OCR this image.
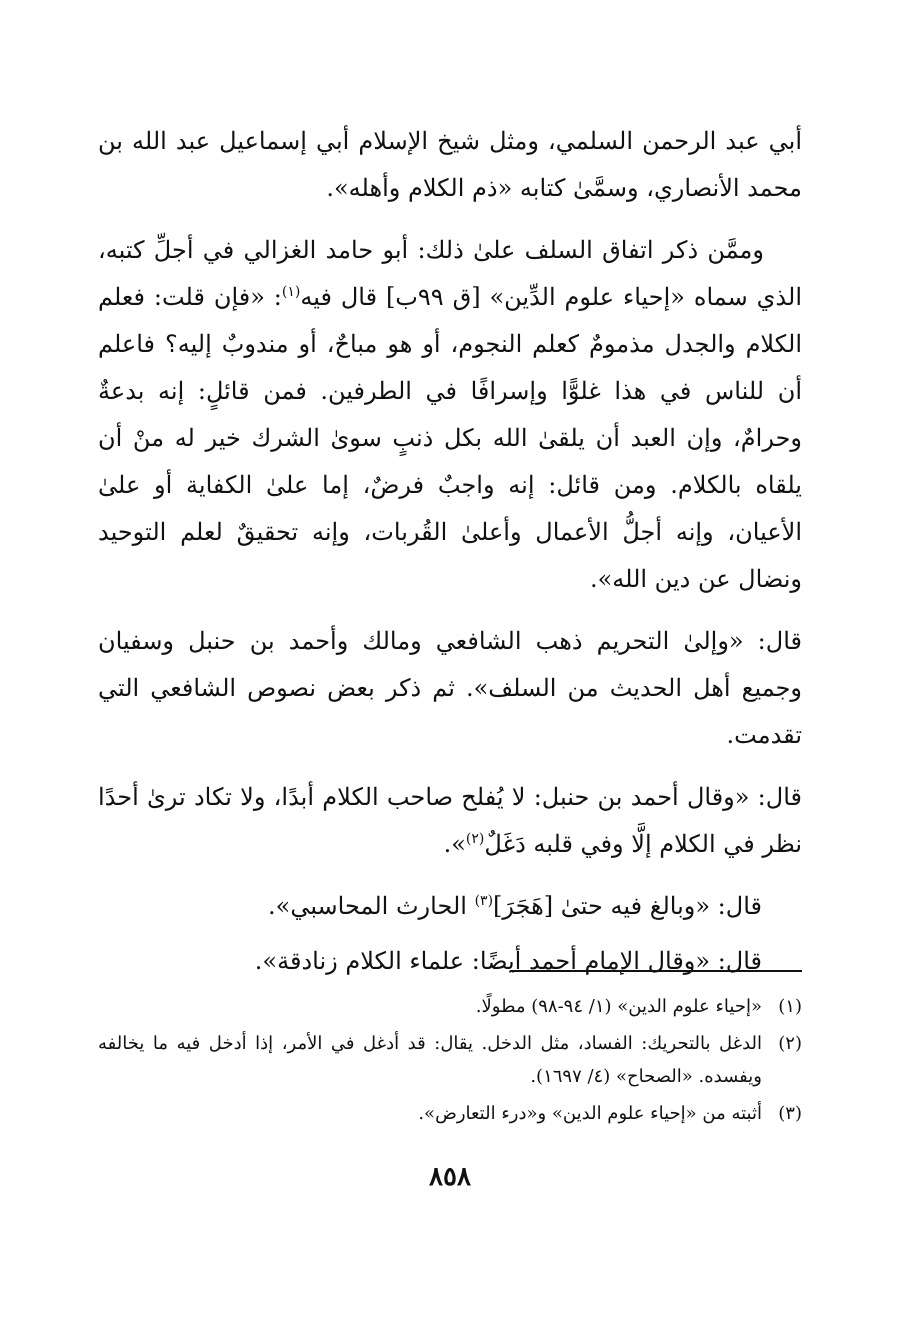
أبي عبد الرحمن السلمي، ومثل شيخ الإسلام أبي إسماعيل عبد الله بن محمد الأنصاري، وسمَّىٰ كتابه «ذم الكلام وأهله».

وممَّن ذكر اتفاق السلف علىٰ ذلك: أبو حامد الغزالي في أجلِّ كتبه، الذي سماه «إحياء علوم الدِّين» [ق ٩٩ب] قال فيه$^{(١)}$: «فإن قلت: فعلم الكلام والجدل مذمومٌ كعلم النجوم، أو هو مباحٌ، أو مندوبٌ إليه؟ فاعلم أن للناس في هذا غلوًّا وإسرافًا في الطرفين. فمن قائلٍ: إنه بدعةٌ وحرامٌ، وإن العبد أن يلقىٰ الله بكل ذنبٍ سوىٰ الشرك خير له منْ أن يلقاه بالكلام. ومن قائل: إنه واجبٌ فرضٌ، إما علىٰ الكفاية أو علىٰ الأعيان، وإنه أجلُّ الأعمال وأعلىٰ القُربات، وإنه تحقيقٌ لعلم التوحيد ونضال عن دين الله».

قال: «وإلىٰ التحريم ذهب الشافعي ومالك وأحمد بن حنبل وسفيان وجميع أهل الحديث من السلف». ثم ذكر بعض نصوص الشافعي التي تقدمت.

قال: «وقال أحمد بن حنبل: لا يُفلح صاحب الكلام أبدًا، ولا تكاد ترىٰ أحدًا نظر في الكلام إلَّا وفي قلبه دَغَلٌ$^{(٢)}$».

قال: «وبالغ فيه حتىٰ [هَجَرَ]$^{(٣)}$ الحارث المحاسبي».

قال: «وقال الإمام أحمد أيضًا: علماء الكلام زنادقة».

(١)
«إحياء علوم الدين» (١/ ٩٤-٩٨) مطولًا.
(٢)
الدغل بالتحريك: الفساد، مثل الدخل. يقال: قد أدغل في الأمر، إذا أدخل فيه ما يخالفه ويفسده. «الصحاح» (٤/ ١٦٩٧).
(٣)
أثبته من «إحياء علوم الدين» و«درء التعارض».
٨٥٨
